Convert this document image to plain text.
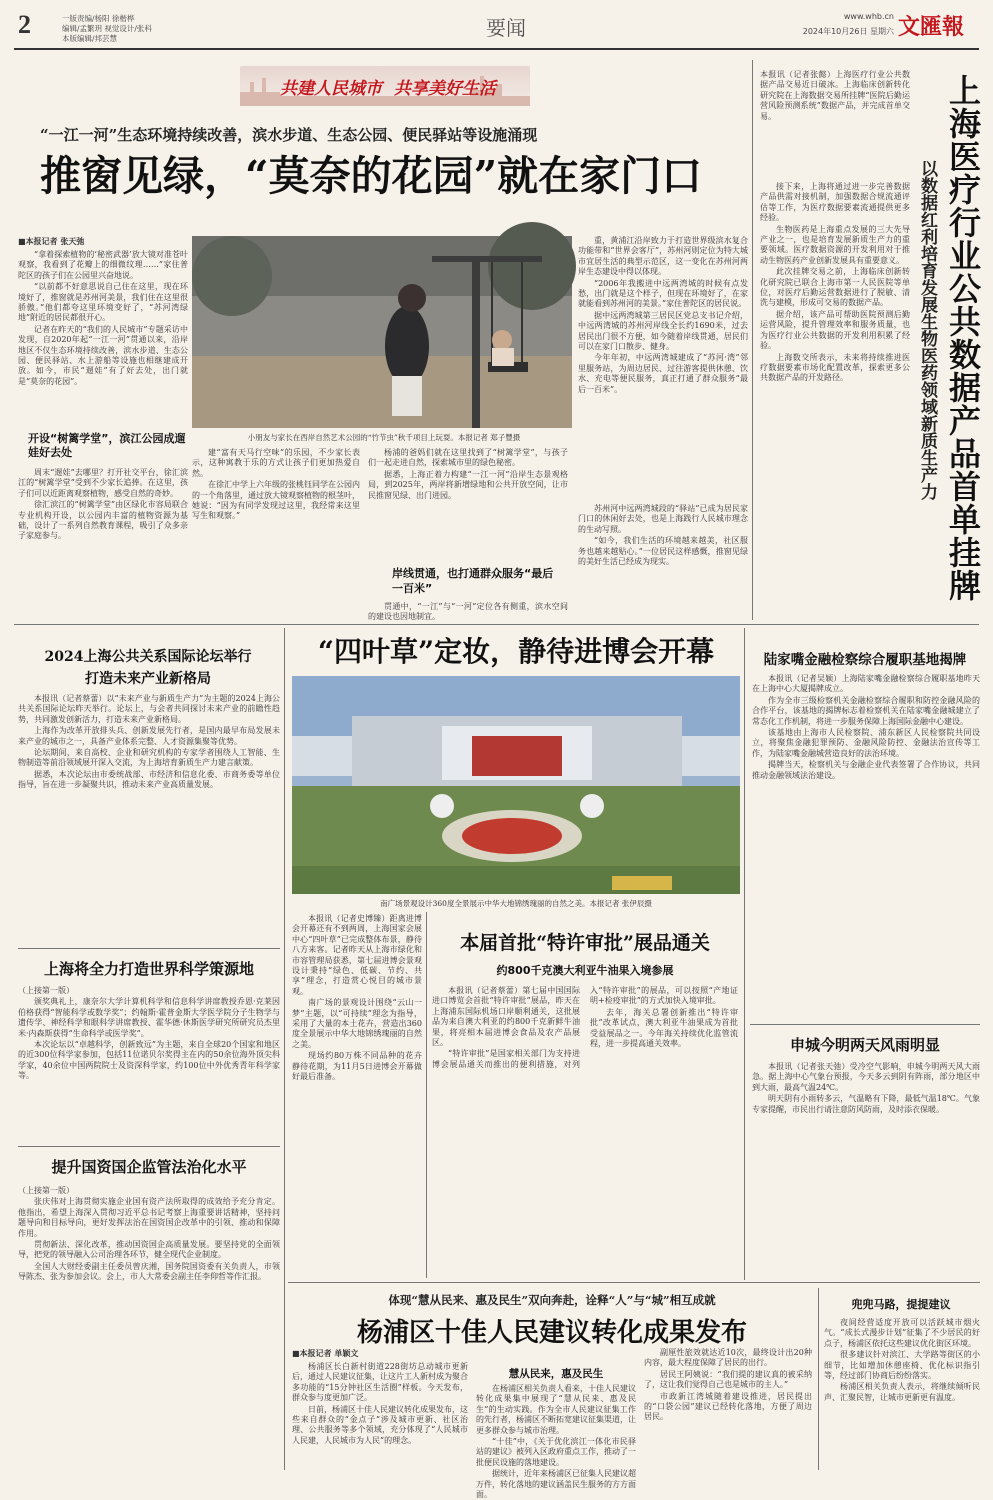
2	一版责编/杨阳 徐楷桦
编辑/孟繁玥 视觉设计/张科
本版编辑/邦芸慧	要闻	www.whb.cn
2024年10月26日 星期六 文匯報
共建人民城市  共享美好生活
“一江一河”生态环境持续改善，滨水步道、生态公园、便民驿站等设施涌现
推窗见绿，“莫奈的花园”就在家门口
■本报记者 张天弛

“拿着探索植物的‘秘密武器’放大镜对准苍叶观察，我看到了花瓣上的细微纹理……”家住普陀区的孩子们在公园里兴奋地说。

“以前都不好意思说自己住在这里，现在环境好了，推窗就是苏州河美景，我们住在这里很骄傲。”他们都夸这里环境变好了，“苏河湾绿地”附近的居民都很开心。

记者在昨天的“我们的人民城市”专题采访中发现，自2020年起“一江一河”贯通以来，沿岸地区不仅生态环境持续改善，滨水步道、生态公园、便民驿站、水上游船等设施也相继建成开放。如今，市民“遛娃”有了好去处，出门就是“莫奈的花园”。

开设“树篱学堂”，滨江公园成遛娃好去处

周末“遛娃”去哪里？打开社交平台，徐汇滨江的“树篱学堂”受到不少家长追捧。在这里，孩子们可以近距离观察植物，感受自然的奇妙。

徐汇滨江的“树篱学堂”由区绿化市容局联合专业机构开设，以公园内丰富的植物资源为基础，设计了一系列自然教育课程，吸引了众多亲子家庭参与。

小朋友与家长在西岸自然艺术公园的“竹节虫”秋千项目上玩耍。本报记者 郑子豐摄

建“富有天马行空味”的乐园，不少家长表示，这种寓教于乐的方式让孩子们更加热爱自然。

在徐汇中学上六年级的张桃钰同学在公园内的一个角落里，通过放大镜观察植物的根茎叶，她说：“因为有同学发现过这里，我经常来这里写生和观察。”

杨浦的爸妈们就在这里找到了“树篱学堂”，与孩子们一起走进自然，探索城市里的绿色秘密。

据悉，上海正着力构建“一江一河”沿岸生态景观格局，到2025年，两岸将新增绿地和公共开放空间，让市民推窗见绿、出门进园。

岸线贯通，也打通群众服务“最后一百米”

贯通中，“一江”与“一河”定位各有侧重，滨水空间的建设也因地制宜。

重，黄浦江沿岸致力于打造世界级滨水复合功能带和“世界会客厅”，苏州河则定位为特大城市宜居生活的典型示范区，这一变化在苏州河两岸生态建设中得以体现。

“2006年我搬进中远两湾城的时候有点发愁，出门就是这个样子，但现在环境好了，在家就能看到苏州河的美景。”家住普陀区的居民说。

据中远两湾城第三居民区党总支书记介绍，中远两湾城的苏州河岸线全长约1690米，过去居民出门很不方便，如今随着岸线贯通，居民们可以在家门口散步、健身。

今年年初，中远两湾城建成了“苏河·湾”邻里服务站，为周边居民、过往游客提供休憩、饮水、充电等便民服务，真正打通了群众服务“最后一百米”。

苏州河中远两湾城段的“驿站”已成为居民家门口的休闲好去处，也是上海践行人民城市理念的生动写照。

“如今，我们生活的环境越来越美，社区服务也越来越贴心。”一位居民这样感慨，推窗见绿的美好生活已经成为现实。

本报讯（记者张懿）上海医疗行业公共数据产品交易近日破冰。上海临床创新转化研究院在上海数据交易所挂牌“医院后勤运营风险预测系统”数据产品，并完成首单交易。

接下来，上海将通过进一步完善数据产品供需对接机制，加强数据合规流通评估等工作，为医疗数据要素流通提供更多经验。

生物医药是上海重点发展的三大先导产业之一，也是培育发展新质生产力的重要领域。医疗数据资源的开发利用对于推动生物医药产业创新发展具有重要意义。

此次挂牌交易之前，上海临床创新转化研究院已联合上海市第一人民医院等单位，对医疗后勤运营数据进行了脱敏、清洗与建模，形成可交易的数据产品。

据介绍，该产品可帮助医院预测后勤运营风险，提升管理效率和服务质量，也为医疗行业公共数据的开发利用积累了经验。

上海数交所表示，未来将持续推进医疗数据要素市场化配置改革，探索更多公共数据产品的开发路径。	上海医疗行业公共数据产品首单挂牌
以数据红利培育发展生物医药领域新质生产力
2024上海公共关系国际论坛举行
打造未来产业新格局

本报讯（记者蔡蕾）以“未来产业与新质生产力”为主题的2024上海公共关系国际论坛昨天举行。论坛上，与会者共同探讨未来产业的前瞻性趋势，共同激发创新活力，打造未来产业新格局。

上海作为改革开放排头兵、创新发展先行者，是国内最早布局发展未来产业的城市之一，具备产业体系完整、人才资源集聚等优势。

论坛期间，来自高校、企业和研究机构的专家学者围绕人工智能、生物制造等前沿领域展开深入交流，为上海培育新质生产力建言献策。

据悉，本次论坛由市委统战部、市经济和信息化委、市商务委等单位指导，旨在进一步凝聚共识，推动未来产业高质量发展。

上海将全力打造世界科学策源地

（上接第一版）

颁奖典礼上，康奈尔大学计算机科学和信息科学讲席教授乔恩·克莱因伯格获得“智能科学或数学奖”；约翰斯·霍普金斯大学医学院分子生物学与遗传学、神经科学和眼科学讲席教授、霍华德·休斯医学研究所研究员杰里米·内森斯获得“生命科学或医学奖”。

本次论坛以“卓越科学，创新致远”为主题，来自全球20个国家和地区的近300位科学家参加，包括11位诺贝尔奖得主在内的50余位海外顶尖科学家，40余位中国两院院士及资深科学家，约100位中外优秀青年科学家等。

提升国资国企监管法治化水平

（上接第一版）

张庆伟对上海贯彻实施企业国有资产法所取得的成效给予充分肯定。他指出，希望上海深入贯彻习近平总书记考察上海重要讲话精神，坚持问题导向和目标导向，更好发挥法治在国资国企改革中的引领、推动和保障作用。

贯彻新法、深化改革，推动国资国企高质量发展。要坚持党的全面领导，把党的领导融入公司治理各环节，健全现代企业制度。

全国人大财经委副主任委员曾庆湘，国务院国资委有关负责人，市领导陈杰、张为参加会议。会上，市人大常委会副主任李仰哲等作汇报。

“四叶草”定妆，静待进博会开幕
南广场景观设计360度全景展示中华大地锦绣瑰丽的自然之美。本报记者 张伊辰摄

本报讯（记者史博臻）距离进博会开幕还有不到两周，上海国家会展中心“四叶草”已完成整体布景，静待八方来客。记者昨天从上海市绿化和市容管理局获悉，第七届进博会景观设计秉持“绿色、低碳、节约、共享”理念，打造赏心悦目的城市景观。

南广场的景观设计围绕“云山一梦”主题，以“可持续”理念为指导，采用了大量的本土花卉，营造出360度全景展示中华大地锦绣瑰丽的自然之美。

现场约80万株不同品种的花卉静待花期，为11月5日进博会开幕做好最后准备。

本届首批“特许审批”展品通关
约800千克澳大利亚牛油果入境参展

本报讯（记者蔡蕾）第七届中国国际进口博览会首批“特许审批”展品，昨天在上海浦东国际机场口岸顺利通关，这批展品为来自澳大利亚的约800千克新鲜牛油果，将亮相本届进博会食品及农产品展区。

“特许审批”是国家相关部门为支持进博会展品通关而推出的便利措施，对列入“特许审批”的展品，可以按照“产地证明+检疫审批”的方式加快入境审批。

去年，海关总署创新推出“特许审批”改革试点，澳大利亚牛油果成为首批受益展品之一。今年海关持续优化监管流程，进一步提高通关效率。

陆家嘴金融检察综合履职基地揭牌

本报讯（记者吴颖）上海陆家嘴金融检察综合履职基地昨天在上海中心大厦揭牌成立。

作为全市三级检察机关金融检察综合履职和防控金融风险的合作平台，该基地的揭牌标志着检察机关在陆家嘴金融城建立了常态化工作机制，将进一步服务保障上海国际金融中心建设。

该基地由上海市人民检察院、浦东新区人民检察院共同设立，将聚焦金融犯罪预防、金融风险防控、金融法治宣传等工作，为陆家嘴金融城营造良好的法治环境。

揭牌当天，检察机关与金融企业代表签署了合作协议，共同推动金融领域法治建设。

申城今明两天风雨明显

本报讯（记者张天弛）受冷空气影响，申城今明两天风大雨急。据上海中心气象台预报，今天多云到阴有阵雨，部分地区中到大雨，最高气温24℃。

明天阴有小雨转多云，气温略有下降，最低气温18℃。气象专家提醒，市民出行请注意防风防雨，及时添衣保暖。

体现“慧从民来、惠及民生”双向奔赴，诠释“人”与“城”相互成就
杨浦区十佳人民建议转化成果发布
■本报记者 单颖文

杨浦区长白新村街道228街坊总动城市更新后，通过人民建议征集，让这片工人新村成为聚合多功能的“15分钟社区生活圈”样板。今天发布，群众参与度更加广泛。

日前，杨浦区十佳人民建议转化成果发布，这些来自群众的“金点子”涉及城市更新、社区治理、公共服务等多个领域，充分体现了“人民城市人民建，人民城市为人民”的理念。

慧从民来，惠及民生

在杨浦区相关负责人看来，十佳人民建议转化成果集中展现了“慧从民来、惠及民生”的生动实践。作为全市人民建议征集工作的先行者，杨浦区不断拓宽建议征集渠道，让更多群众参与城市治理。

“十佳”中，《关于优化滨江一体化市民驿站的建议》被列入区政府重点工作，推动了一批便民设施的落地建设。

据统计，近年来杨浦区已征集人民建议超万件，转化落地的建议涵盖民生服务的方方面面。

副厘性旅效就达近10次，最终设计出20种内容，最大程度保障了居民的出行。

居民王阿姨说：“我们提的建议真的被采纳了，这让我们觉得自己也是城市的主人。”

市政新江湾城随着建设推进，居民提出的“口袋公园”建议已经转化落地，方便了周边居民。

兜兜马路，提提建议

夜间经营适度开放可以活跃城市烟火气。“成长式漫步计划”征集了不少居民的好点子，杨浦区依托这些建议优化街区环境。

很多建议针对滨江、大学路等街区的小细节，比如增加休憩座椅、优化标识指引等，经过部门协商后纷纷落实。

杨浦区相关负责人表示，将继续倾听民声、汇聚民智，让城市更新更有温度。
